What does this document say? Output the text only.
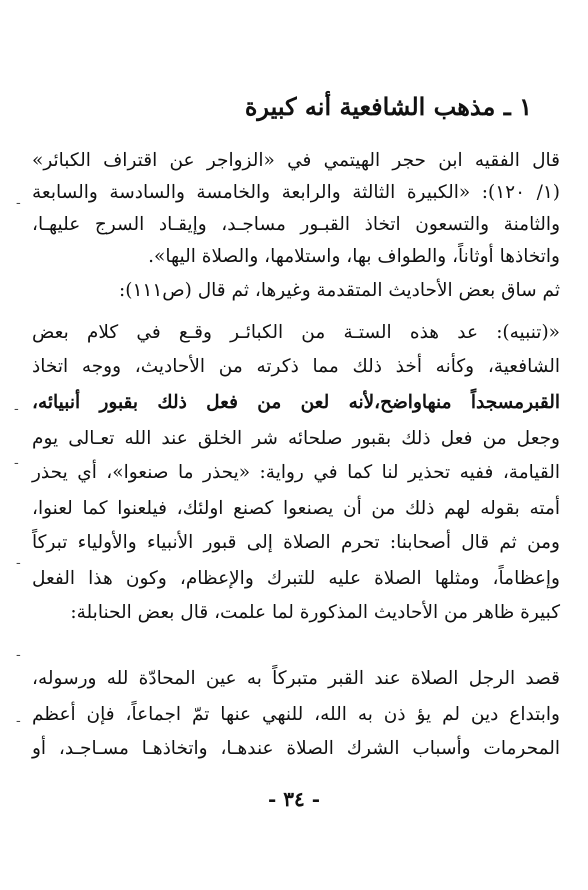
١ ـ مذهب الشافعية أنه كبيرة
قال الفقيه ابن حجر الهيتمي في «الزواجر عن اقتراف الكبائر»
(١/ ١٢٠): «الكبيرة الثالثة والرابعة والخامسة والسادسة والسابعة
والثامنة والتسعون اتخاذ القبـور مساجـد، وإيقـاد السرج عليهـا،
واتخاذها أوثاناً، والطواف بها، واستلامها، والصلاة اليها».
ثم ساق بعض الأحاديث المتقدمة وغيرها، ثم قال (ص١١١):
«(تنبيه): عد هذه الستـة من الكبائـر وقـع في كلام بعض
الشافعية، وكأنه أخذ ذلك مما ذكرته من الأحاديث، ووجه اتخاذ
القبرمسجداً منهاواضح،لأنه لعن من فعل ذلك بقبور أنبيائه،
وجعل من فعل ذلك بقبور صلحائه شر الخلق عند الله تعـالى يوم
القيامة، ففيه تحذير لنا كما في رواية: «يحذر ما صنعوا»، أي يحذر
أمته بقوله لهم ذلك من أن يصنعوا كصنع اولئك، فيلعنوا كما لعنوا،
ومن ثم قال أصحابنا: تحرم الصلاة إلى قبور الأنبياء والأولياء تبركاً
وإعظاماً، ومثلها الصلاة عليه للتبرك والإعظام، وكون هذا الفعل
كبيرة ظاهر من الأحاديث المذكورة لما علمت، قال بعض الحنابلة:
قصد الرجل الصلاة عند القبر متبركاً به عين المحادّة لله ورسوله،
وابتداع دين لم يؤ ذن به الله، للنهي عنها تمّ اجماعاً، فإن أعظم
المحرمات وأسباب الشرك الصلاة عندهـا، واتخاذهـا مسـاجـد، أو
- ٣٤ -
-
-
-
-
-
-
